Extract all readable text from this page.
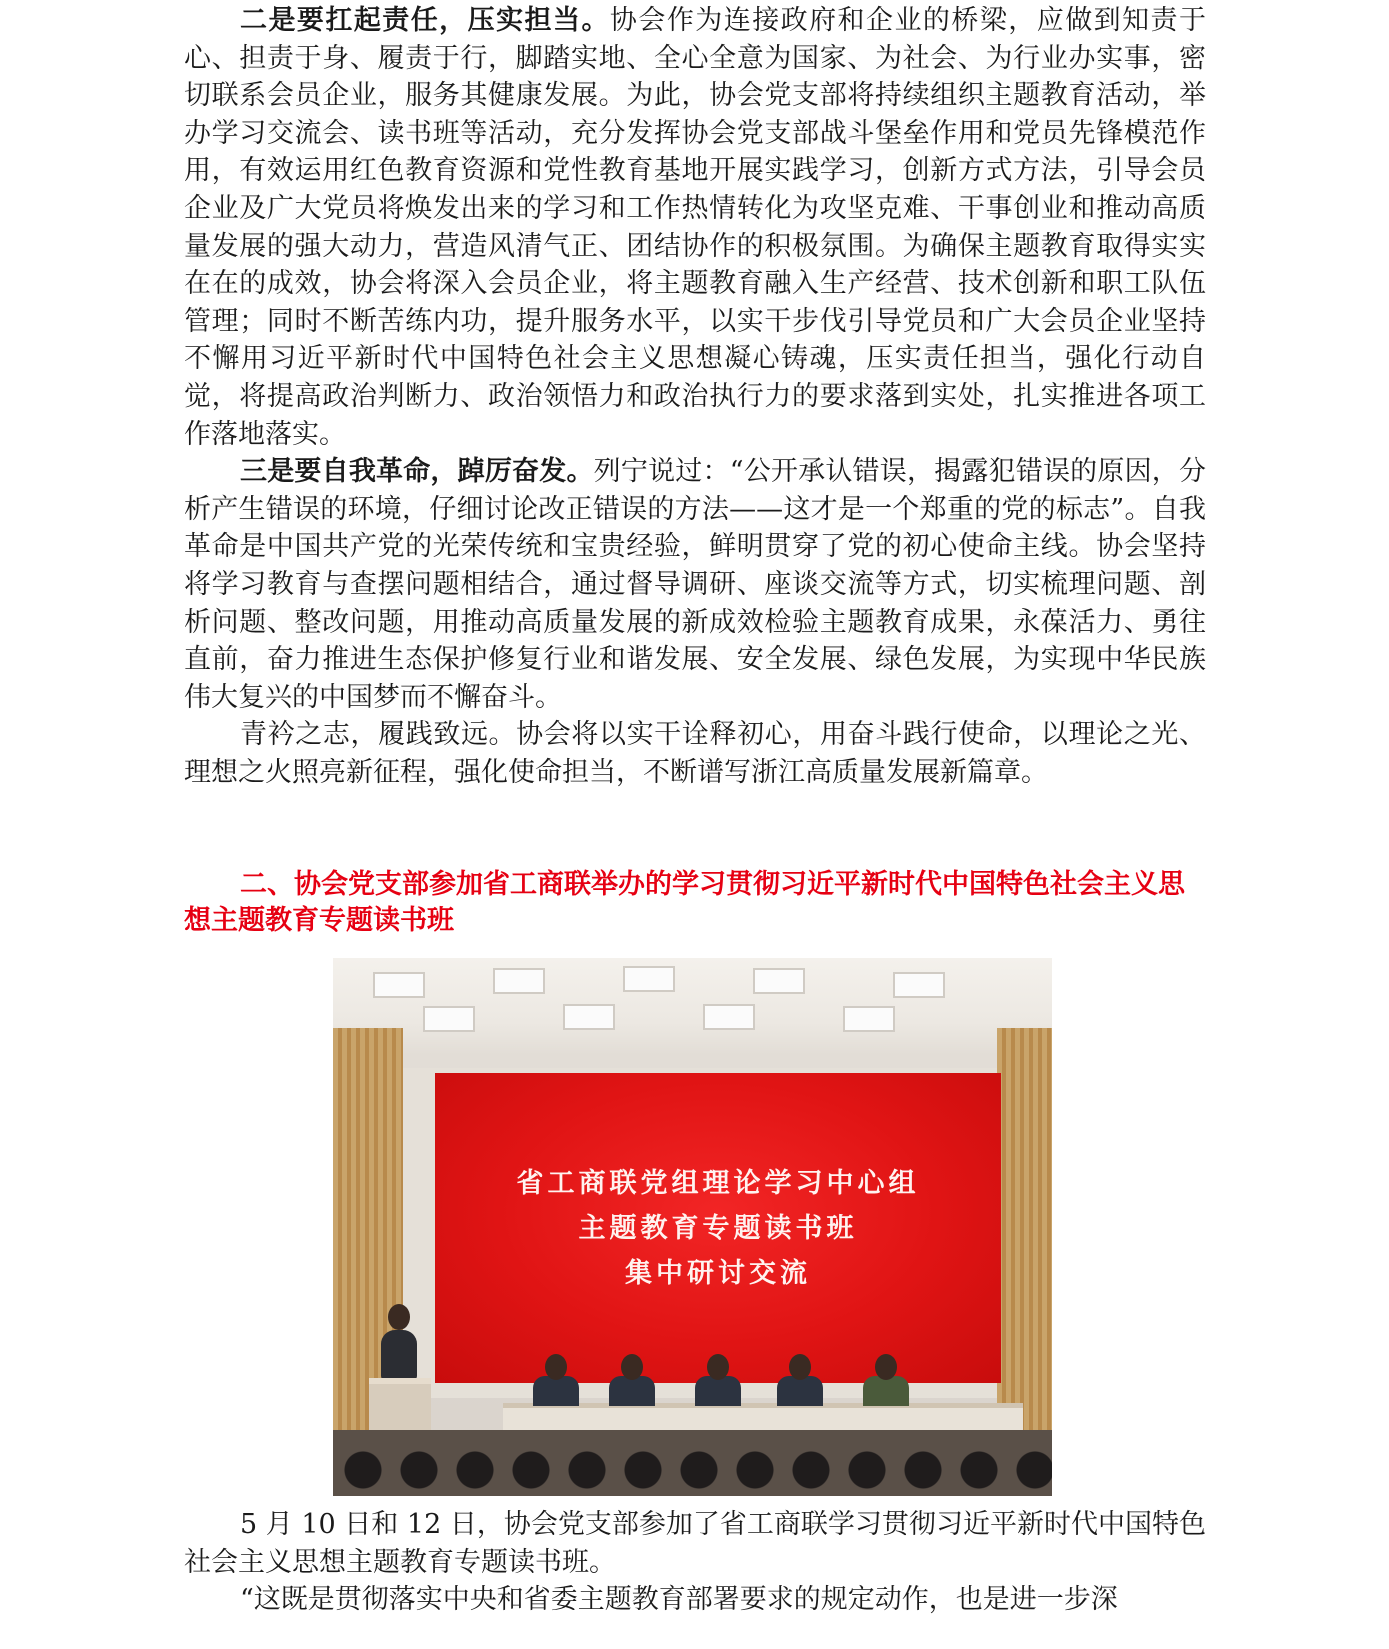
二是要扛起责任，压实担当。协会作为连接政府和企业的桥梁，应做到知责于心、担责于身、履责于行，脚踏实地、全心全意为国家、为社会、为行业办实事，密切联系会员企业，服务其健康发展。为此，协会党支部将持续组织主题教育活动，举办学习交流会、读书班等活动，充分发挥协会党支部战斗堡垒作用和党员先锋模范作用，有效运用红色教育资源和党性教育基地开展实践学习，创新方式方法，引导会员企业及广大党员将焕发出来的学习和工作热情转化为攻坚克难、干事创业和推动高质量发展的强大动力，营造风清气正、团结协作的积极氛围。为确保主题教育取得实实在在的成效，协会将深入会员企业，将主题教育融入生产经营、技术创新和职工队伍管理；同时不断苦练内功，提升服务水平，以实干步伐引导党员和广大会员企业坚持不懈用习近平新时代中国特色社会主义思想凝心铸魂，压实责任担当，强化行动自觉，将提高政治判断力、政治领悟力和政治执行力的要求落到实处，扎实推进各项工作落地落实。

三是要自我革命，踔厉奋发。列宁说过：“公开承认错误，揭露犯错误的原因，分析产生错误的环境，仔细讨论改正错误的方法——这才是一个郑重的党的标志”。自我革命是中国共产党的光荣传统和宝贵经验，鲜明贯穿了党的初心使命主线。协会坚持将学习教育与查摆问题相结合，通过督导调研、座谈交流等方式，切实梳理问题、剖析问题、整改问题，用推动高质量发展的新成效检验主题教育成果，永葆活力、勇往直前，奋力推进生态保护修复行业和谐发展、安全发展、绿色发展，为实现中华民族伟大复兴的中国梦而不懈奋斗。

青衿之志，履践致远。协会将以实干诠释初心，用奋斗践行使命，以理论之光、理想之火照亮新征程，强化使命担当，不断谱写浙江高质量发展新篇章。

二、协会党支部参加省工商联举办的学习贯彻习近平新时代中国特色社会主义思想主题教育专题读书班

省工商联党组理论学习中心组
主题教育专题读书班
集中研讨交流

5 月 10 日和 12 日，协会党支部参加了省工商联学习贯彻习近平新时代中国特色社会主义思想主题教育专题读书班。

“这既是贯彻落实中央和省委主题教育部署要求的规定动作，也是进一步深
